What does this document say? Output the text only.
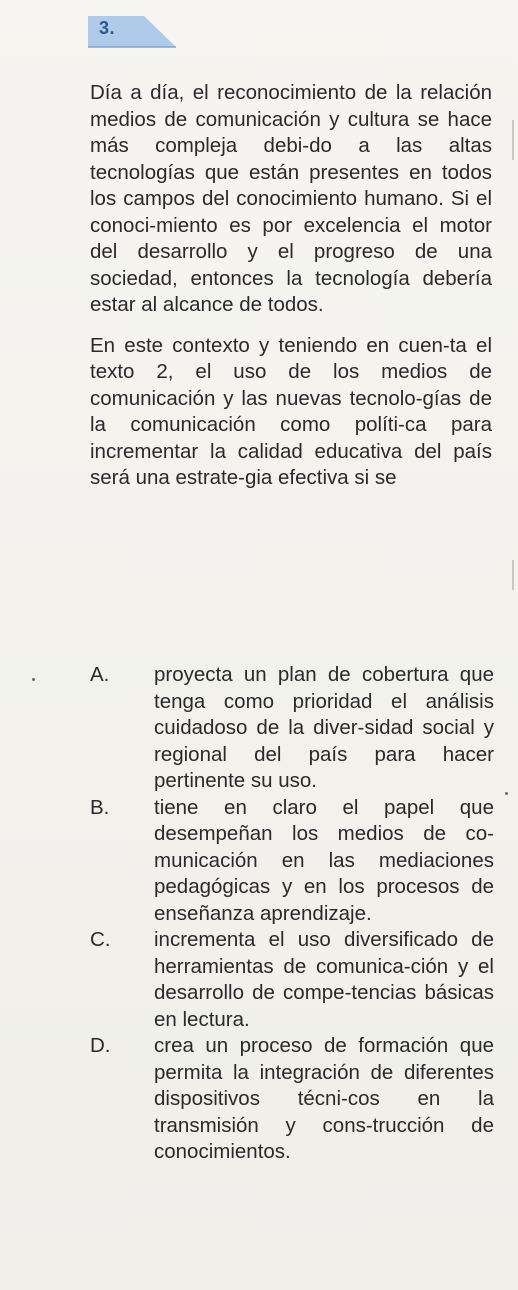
3.

Día a día, el reconocimiento de la relación medios de comunicación y cultura se hace más compleja debi-do a las altas tecnologías que están presentes en todos los campos del conocimiento humano. Si el conoci-miento es por excelencia el motor del desarrollo y el progreso de una sociedad, entonces la tecnología debería estar al alcance de todos.

En este contexto y teniendo en cuen-ta el texto 2, el uso de los medios de comunicación y las nuevas tecnolo-gías de la comunicación como políti-ca para incrementar la calidad educativa del país será una estrate-gia efectiva si se

A.	proyecta un plan de cobertura que tenga como prioridad el análisis cuidadoso de la diver-sidad social y regional del país para hacer pertinente su uso.
B.	tiene en claro el papel que desempeñan los medios de co-municación en las mediaciones pedagógicas y en los procesos de enseñanza aprendizaje.
C.	incrementa el uso diversificado de herramientas de comunica-ción y el desarrollo de compe-tencias básicas en lectura.
D.	crea un proceso de formación que permita la integración de diferentes dispositivos técni-cos en la transmisión y cons-trucción de conocimientos.
